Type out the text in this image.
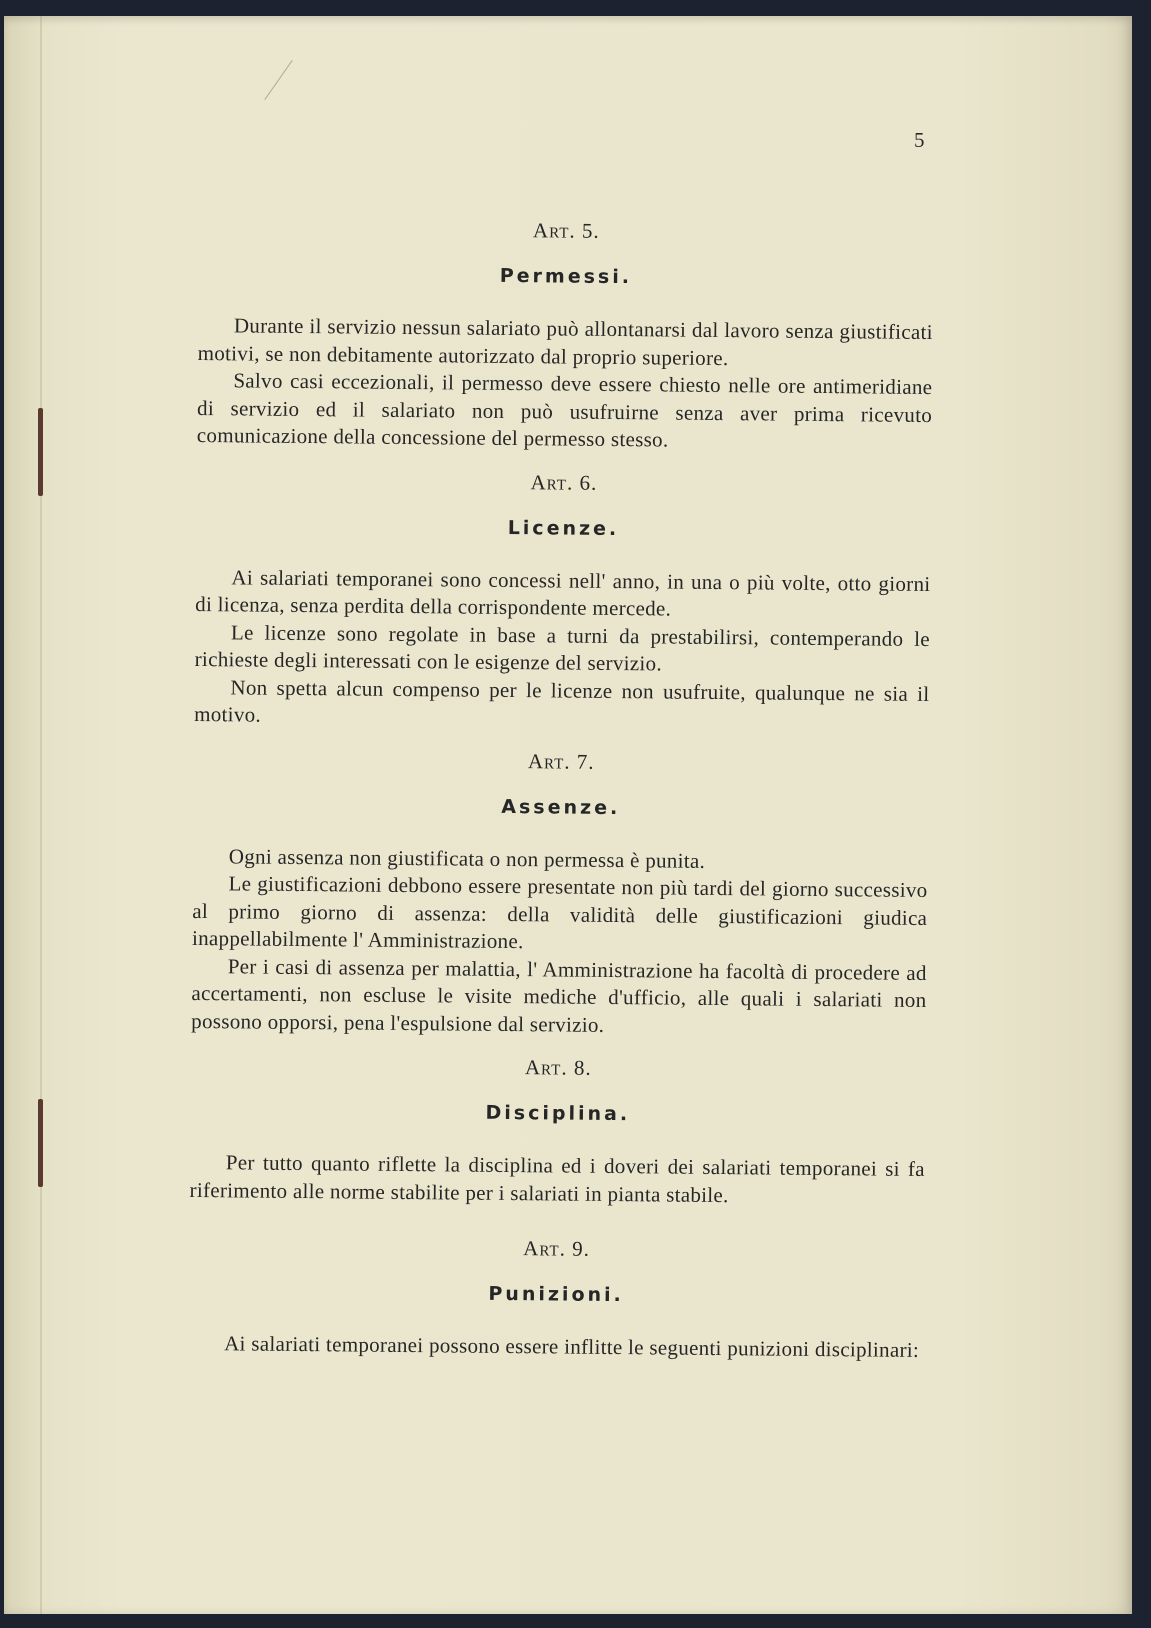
5
Art. 5.
Permessi.

Durante il servizio nessun salariato può allontanarsi dal lavoro senza giustificati motivi, se non debitamente autorizzato dal proprio superiore.

Salvo casi eccezionali, il permesso deve essere chiesto nelle ore antimeridiane di servizio ed il salariato non può usufruirne senza aver prima ricevuto comunicazione della concessione del permesso stesso.

Art. 6.
Licenze.

Ai salariati temporanei sono concessi nell' anno, in una o più volte, otto giorni di licenza, senza perdita della corrispondente mercede.

Le licenze sono regolate in base a turni da prestabilirsi, contemperando le richieste degli interessati con le esigenze del servizio.

Non spetta alcun compenso per le licenze non usufruite, qualunque ne sia il motivo.

Art. 7.
Assenze.

Ogni assenza non giustificata o non permessa è punita.

Le giustificazioni debbono essere presentate non più tardi del giorno successivo al primo giorno di assenza: della validità delle giustificazioni giudica inappellabilmente l' Amministrazione.

Per i casi di assenza per malattia, l' Amministrazione ha facoltà di procedere ad accertamenti, non escluse le visite mediche d'ufficio, alle quali i salariati non possono opporsi, pena l'espulsione dal servizio.

Art. 8.
Disciplina.

Per tutto quanto riflette la disciplina ed i doveri dei salariati temporanei si fa riferimento alle norme stabilite per i salariati in pianta stabile.

Art. 9.
Punizioni.

Ai salariati temporanei possono essere inflitte le seguenti punizioni disciplinari:
